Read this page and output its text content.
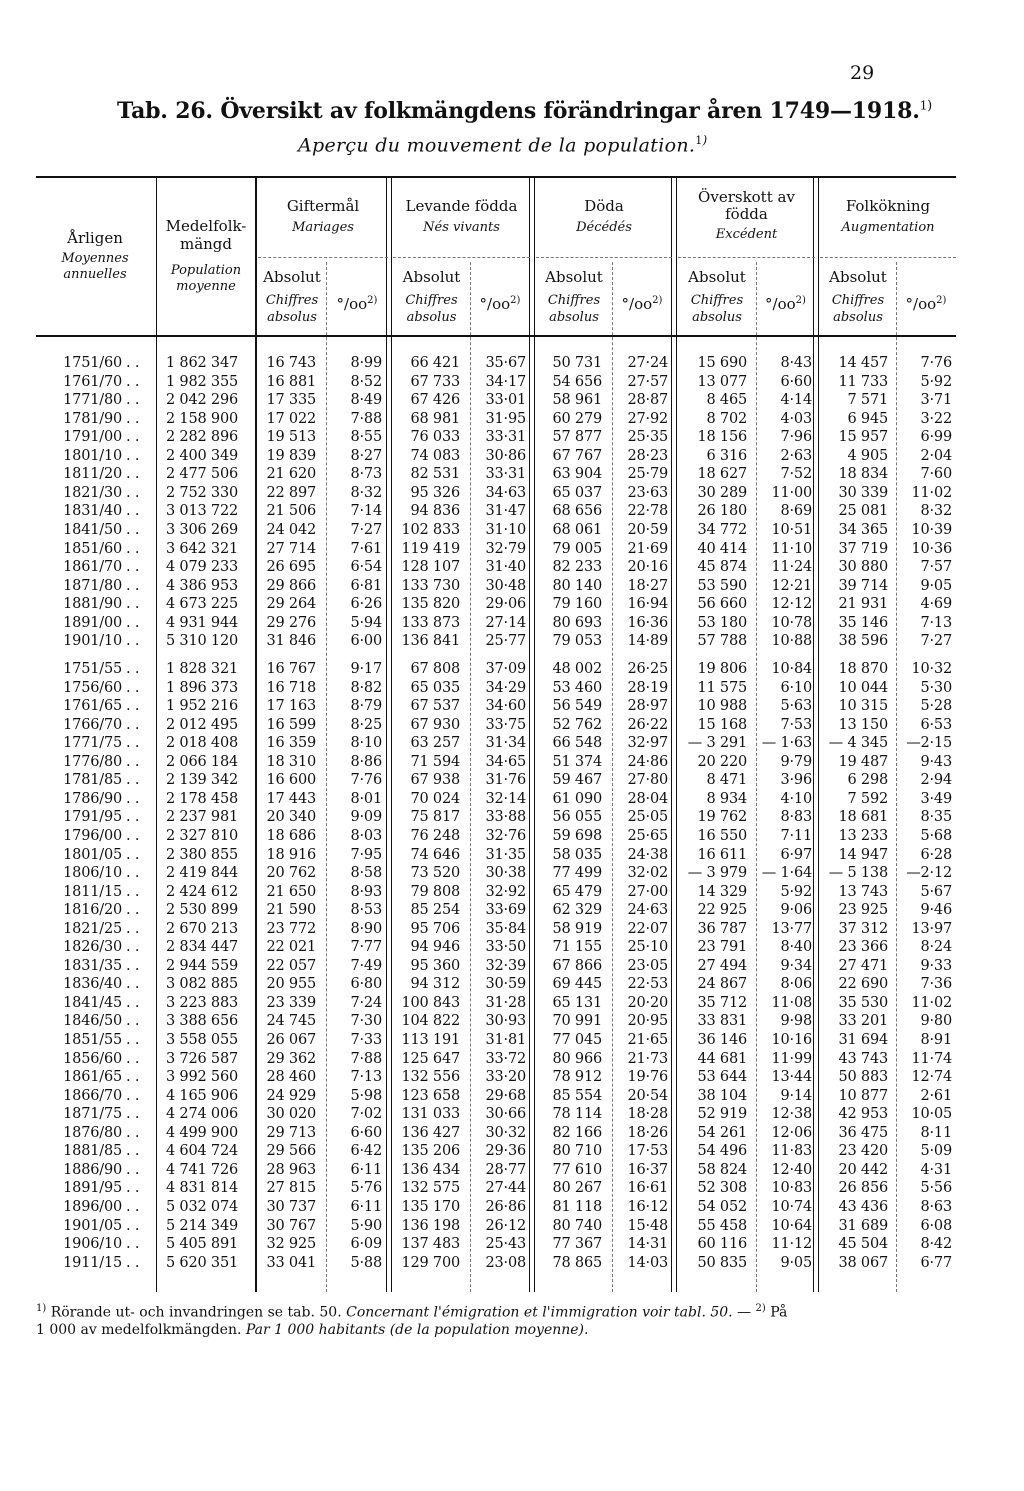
29
Tab. 26. Översikt av folkmängdens förändringar åren 1749—1918.$^{1)}$
Aperçu du mouvement de la population.$^{1)}$
Årligen
Moyennes
annuelles
Medelfolk-
mängd
Population
moyenne
Giftermål
Mariages
Absolut
Chiffres
absolus
$^\circ/oo^{2)}$
Levande födda
Nés vivants
Absolut
Chiffres
absolus
$^\circ/oo^{2)}$
Döda
Décédés
Absolut
Chiffres
absolus
$^\circ/oo^{2)}$
Överskott av
födda
Excédent
Absolut
Chiffres
absolus
$^\circ/oo^{2)}$
Folkökning
Augmentation
Absolut
Chiffres
absolus
$^\circ/oo^{2)}$
1751/60 . .	1 862 347	16 743	8·99	66 421	35·67	50 731	27·24	15 690	8·43	14 457	7·76
1761/70 . .	1 982 355	16 881	8·52	67 733	34·17	54 656	27·57	13 077	6·60	11 733	5·92
1771/80 . .	2 042 296	17 335	8·49	67 426	33·01	58 961	28·87	8 465	4·14	7 571	3·71
1781/90 . .	2 158 900	17 022	7·88	68 981	31·95	60 279	27·92	8 702	4·03	6 945	3·22
1791/00 . .	2 282 896	19 513	8·55	76 033	33·31	57 877	25·35	18 156	7·96	15 957	6·99
1801/10 . .	2 400 349	19 839	8·27	74 083	30·86	67 767	28·23	6 316	2·63	4 905	2·04
1811/20 . .	2 477 506	21 620	8·73	82 531	33·31	63 904	25·79	18 627	7·52	18 834	7·60
1821/30 . .	2 752 330	22 897	8·32	95 326	34·63	65 037	23·63	30 289	11·00	30 339	11·02
1831/40 . .	3 013 722	21 506	7·14	94 836	31·47	68 656	22·78	26 180	8·69	25 081	8·32
1841/50 . .	3 306 269	24 042	7·27	102 833	31·10	68 061	20·59	34 772	10·51	34 365	10·39
1851/60 . .	3 642 321	27 714	7·61	119 419	32·79	79 005	21·69	40 414	11·10	37 719	10·36
1861/70 . .	4 079 233	26 695	6·54	128 107	31·40	82 233	20·16	45 874	11·24	30 880	7·57
1871/80 . .	4 386 953	29 866	6·81	133 730	30·48	80 140	18·27	53 590	12·21	39 714	9·05
1881/90 . .	4 673 225	29 264	6·26	135 820	29·06	79 160	16·94	56 660	12·12	21 931	4·69
1891/00 . .	4 931 944	29 276	5·94	133 873	27·14	80 693	16·36	53 180	10·78	35 146	7·13
1901/10 . .	5 310 120	31 846	6·00	136 841	25·77	79 053	14·89	57 788	10·88	38 596	7·27
1751/55 . .	1 828 321	16 767	9·17	67 808	37·09	48 002	26·25	19 806	10·84	18 870	10·32
1756/60 . .	1 896 373	16 718	8·82	65 035	34·29	53 460	28·19	11 575	6·10	10 044	5·30
1761/65 . .	1 952 216	17 163	8·79	67 537	34·60	56 549	28·97	10 988	5·63	10 315	5·28
1766/70 . .	2 012 495	16 599	8·25	67 930	33·75	52 762	26·22	15 168	7·53	13 150	6·53
1771/75 . .	2 018 408	16 359	8·10	63 257	31·34	66 548	32·97	— 3 291	— 1·63	— 4 345	—2·15
1776/80 . .	2 066 184	18 310	8·86	71 594	34·65	51 374	24·86	20 220	9·79	19 487	9·43
1781/85 . .	2 139 342	16 600	7·76	67 938	31·76	59 467	27·80	8 471	3·96	6 298	2·94
1786/90 . .	2 178 458	17 443	8·01	70 024	32·14	61 090	28·04	8 934	4·10	7 592	3·49
1791/95 . .	2 237 981	20 340	9·09	75 817	33·88	56 055	25·05	19 762	8·83	18 681	8·35
1796/00 . .	2 327 810	18 686	8·03	76 248	32·76	59 698	25·65	16 550	7·11	13 233	5·68
1801/05 . .	2 380 855	18 916	7·95	74 646	31·35	58 035	24·38	16 611	6·97	14 947	6·28
1806/10 . .	2 419 844	20 762	8·58	73 520	30·38	77 499	32·02	— 3 979	— 1·64	— 5 138	—2·12
1811/15 . .	2 424 612	21 650	8·93	79 808	32·92	65 479	27·00	14 329	5·92	13 743	5·67
1816/20 . .	2 530 899	21 590	8·53	85 254	33·69	62 329	24·63	22 925	9·06	23 925	9·46
1821/25 . .	2 670 213	23 772	8·90	95 706	35·84	58 919	22·07	36 787	13·77	37 312	13·97
1826/30 . .	2 834 447	22 021	7·77	94 946	33·50	71 155	25·10	23 791	8·40	23 366	8·24
1831/35 . .	2 944 559	22 057	7·49	95 360	32·39	67 866	23·05	27 494	9·34	27 471	9·33
1836/40 . .	3 082 885	20 955	6·80	94 312	30·59	69 445	22·53	24 867	8·06	22 690	7·36
1841/45 . .	3 223 883	23 339	7·24	100 843	31·28	65 131	20·20	35 712	11·08	35 530	11·02
1846/50 . .	3 388 656	24 745	7·30	104 822	30·93	70 991	20·95	33 831	9·98	33 201	9·80
1851/55 . .	3 558 055	26 067	7·33	113 191	31·81	77 045	21·65	36 146	10·16	31 694	8·91
1856/60 . .	3 726 587	29 362	7·88	125 647	33·72	80 966	21·73	44 681	11·99	43 743	11·74
1861/65 . .	3 992 560	28 460	7·13	132 556	33·20	78 912	19·76	53 644	13·44	50 883	12·74
1866/70 . .	4 165 906	24 929	5·98	123 658	29·68	85 554	20·54	38 104	9·14	10 877	2·61
1871/75 . .	4 274 006	30 020	7·02	131 033	30·66	78 114	18·28	52 919	12·38	42 953	10·05
1876/80 . .	4 499 900	29 713	6·60	136 427	30·32	82 166	18·26	54 261	12·06	36 475	8·11
1881/85 . .	4 604 724	29 566	6·42	135 206	29·36	80 710	17·53	54 496	11·83	23 420	5·09
1886/90 . .	4 741 726	28 963	6·11	136 434	28·77	77 610	16·37	58 824	12·40	20 442	4·31
1891/95 . .	4 831 814	27 815	5·76	132 575	27·44	80 267	16·61	52 308	10·83	26 856	5·56
1896/00 . .	5 032 074	30 737	6·11	135 170	26·86	81 118	16·12	54 052	10·74	43 436	8·63
1901/05 . .	5 214 349	30 767	5·90	136 198	26·12	80 740	15·48	55 458	10·64	31 689	6·08
1906/10 . .	5 405 891	32 925	6·09	137 483	25·43	77 367	14·31	60 116	11·12	45 504	8·42
1911/15 . .	5 620 351	33 041	5·88	129 700	23·08	78 865	14·03	50 835	9·05	38 067	6·77
$^{1)}$ Rörande ut- och invandringen se tab. 50. Concernant l'émigration et l'immigration voir tabl. 50. — $^{2)}$ På
1 000 av medelfolkmängden. Par 1 000 habitants (de la population moyenne).
